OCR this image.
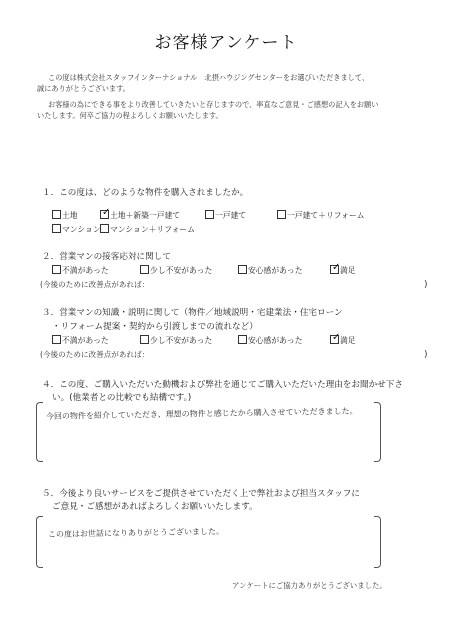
お客様アンケート
この度は株式会社スタッフインターナショナル　北摂ハウジングセンターをお選びいただきまして、
誠にありがとうございます。
お客様の為にできる事をより改善していきたいと存じますので、率直なご意見・ご感想の記入をお願い
いたします。何卒ご協力の程よろしくお願いいたします。
１．この度は、どのような物件を購入されましたか。
土地 ✓ 土地＋新築一戸建て	一戸建て	一戸建て＋リフォーム
マンション	マンション＋リフォーム
２．営業マンの接客応対に関して
不満があった	少し不安があった	安心感があった	✓ 満足
(今後のために改善点があれば：	)
３．営業マンの知識・説明に関して（物件／地域説明・宅建業法・住宅ローン
・リフォーム提案・契約から引渡しまでの流れなど）
不満があった	少し不安があった	安心感があった	✓ 満足
(今後のために改善点があれば：	)
４．この度、ご購入いただいた動機および弊社を通じてご購入いただいた理由をお聞かせ下さ
い。(他業者との比較でも結構です。)
今回の物件を紹介していただき、理想の物件と感じたから購入させていただきました。
５．今後より良いサービスをご提供させていただく上で弊社および担当スタッフに
ご意見・ご感想があればよろしくお願いいたします。
この度はお世話になりありがとうございました。
アンケートにご協力ありがとうございました。
